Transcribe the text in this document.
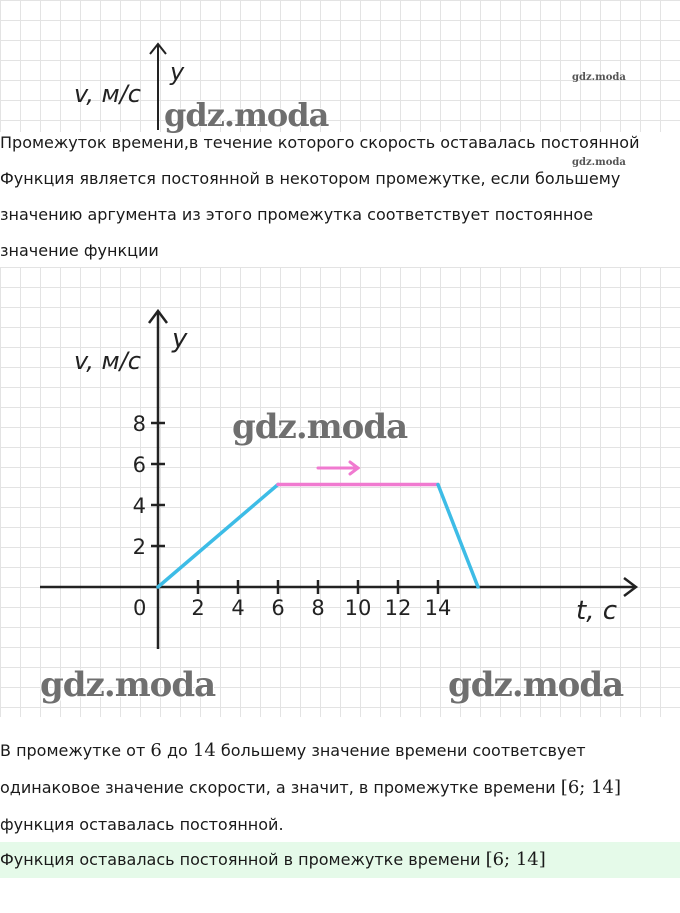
y
v, м/с
gdz.moda
gdz.moda
Промежуток времени,в течение которого скорость оставалась постоянной
gdz.moda
Функция является постоянной в некотором промежутке, если большему
значению аргумента из этого промежутка соответствует постоянное
значение функции
y
v, м/с
t, с
0 2 4 6 8 10 12 14
2
4
6
8	gdz.moda
gdz.moda	gdz.moda
В промежутке от 6 до 14 большему значение времени соответсвует
одинаковое значение скорости, а значит, в промежутке времени [6; 14]
функция оставалась постоянной.
Функция оставалась постоянной в промежутке времени [6; 14]
